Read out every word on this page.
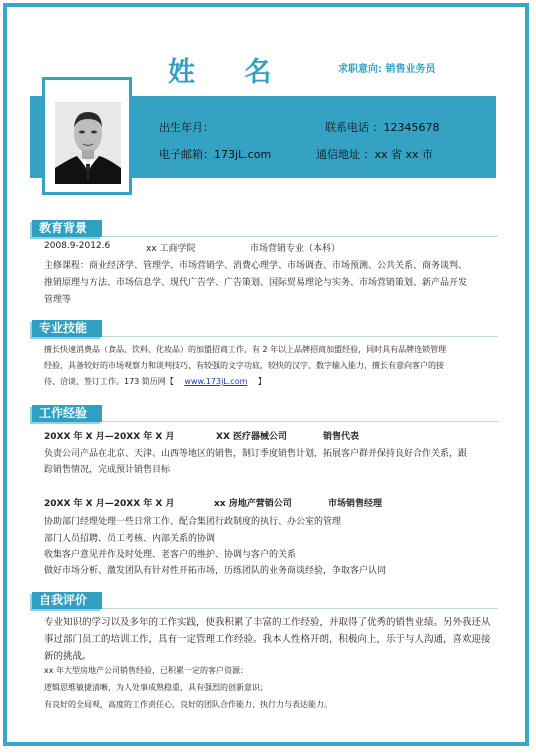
姓 名	求职意向: 销售业务员
出生年月：	联系电话 ：12345678
电子邮箱：173jL.com	通信地址 ：xx 省 xx 市
教育背景
2008.9-2012.6	xx 工商学院	市场营销专业（本科）
主修课程：商业经济学、管理学、市场营销学、消费心理学、市场调查、市场预测、公共关系、商务谈判、
推销原理与方法、市场信息学、现代广告学、广告策划、国际贸易理论与实务、市场营销策划、新产品开发
管理等
专业技能
擅长快速消费品（食品、饮料、化妆品）的加盟招商工作，有 2 年以上品牌招商加盟经验，同时具有品牌连锁管理
经验，具备较好的市场观察力和谈判技巧，有较强的文字功底，较快的汉字、数字输入能力，擅长有意向客户的接
待、洽谈、签订工作。173 简历网【 www.173jL.com 】
工作经验
20XX 年 X 月—20XX 年 X 月	XX 医疗器械公司	销售代表
负责公司产品在北京、天津、山西等地区的销售，制订季度销售计划，拓展客户群并保持良好合作关系，跟
踪销售情况，完成预计销售目标
20XX 年 X 月—20XX 年 X 月	xx 房地产营销公司	市场销售经理
协助部门经理处理一些日常工作、配合集团行政制度的执行、办公室的管理
部门人员招聘、员工考核、内部关系的协调
收集客户意见并作及时处理、老客户的维护、协调与客户的关系
做好市场分析、激发团队有针对性开拓市场，历练团队的业务商谈经验，争取客户认同
自我评价
专业知识的学习以及多年的工作实践，使我积累了丰富的工作经验，并取得了优秀的销售业绩。另外我还从
事过部门员工的培训工作，具有一定管理工作经验。我本人性格开朗，积极向上，乐于与人沟通，喜欢迎接
新的挑战。
xx 年大型房地产公司销售经验，已积累一定的客户资源：
逻辑思维敏捷清晰，为人处事成熟稳重，具有强烈的创新意识；
有良好的全局观，高度的工作责任心，良好的团队合作能力、执行力与表达能力。
